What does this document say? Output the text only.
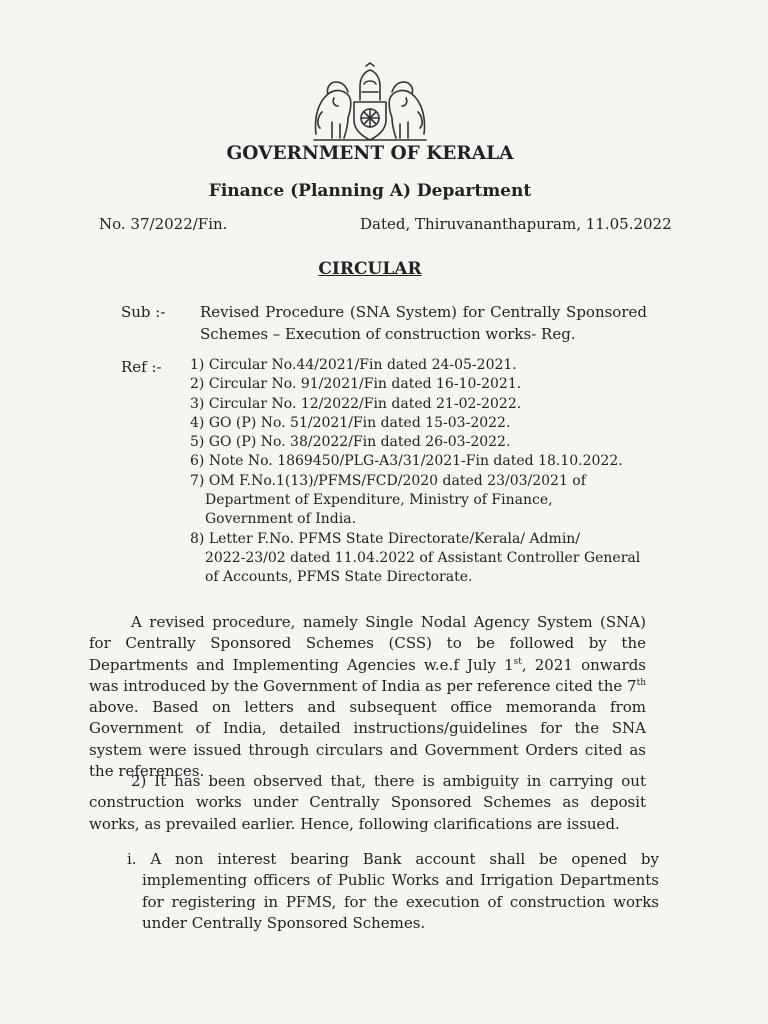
GOVERNMENT OF KERALA
Finance (Planning A) Department
No. 37/2022/Fin.	Dated, Thiruvananthapuram, 11.05.2022
CIRCULAR
Sub :- Revised Procedure (SNA System) for Centrally Sponsored
Schemes – Execution of construction works- Reg.
Ref :- 1) Circular No.44/2021/Fin dated 24-05-2021.
2) Circular No. 91/2021/Fin dated 16-10-2021.
3) Circular No. 12/2022/Fin dated 21-02-2022.
4) GO (P) No. 51/2021/Fin dated 15-03-2022.
5) GO (P) No. 38/2022/Fin dated 26-03-2022.
6) Note No. 1869450/PLG-A3/31/2021-Fin dated 18.10.2022.
7) OM F.No.1(13)/PFMS/FCD/2020 dated 23/03/2021 of
Department of Expenditure, Ministry of Finance,
Government of India.
8) Letter F.No. PFMS State Directorate/Kerala/ Admin/
2022-23/02 dated 11.04.2022 of Assistant Controller General
of Accounts, PFMS State Directorate.

A revised procedure, namely Single Nodal Agency System (SNA) for Centrally Sponsored Schemes (CSS) to be followed by the Departments and Implementing Agencies w.e.f July 1st, 2021 onwards was introduced by the Government of India as per reference cited the 7th above. Based on letters and subsequent office memoranda from Government of India, detailed instructions/guidelines for the SNA system were issued through circulars and Government Orders cited as the references.

2) It has been observed that, there is ambiguity in carrying out construction works under Centrally Sponsored Schemes as deposit works, as prevailed earlier. Hence, following clarifications are issued.

i. A non interest bearing Bank account shall be opened by implementing officers of Public Works and Irrigation Departments for registering in PFMS, for the execution of construction works under Centrally Sponsored Schemes.
